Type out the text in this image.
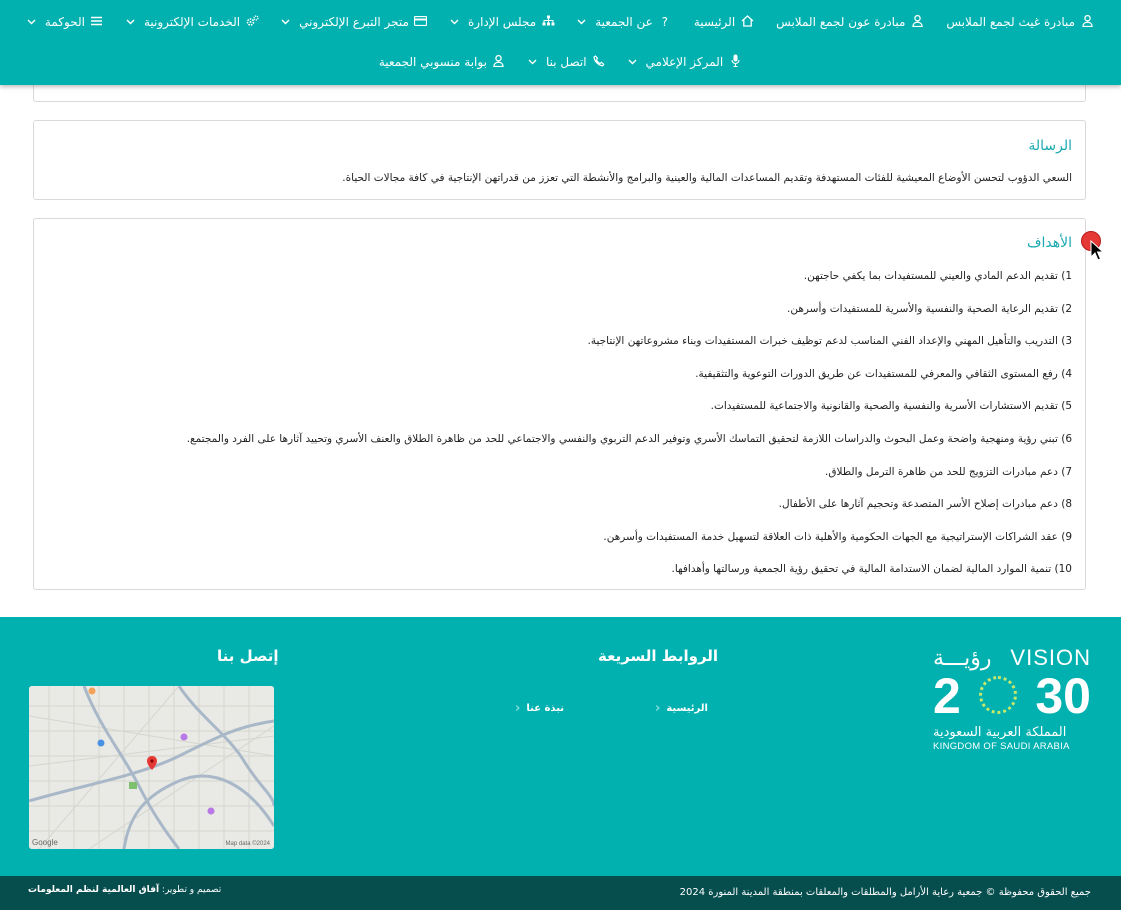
مبادرة غيث لجمع الملابس
مبادرة عون لجمع الملابس
الرئيسية
?
عن الجمعية
مجلس الإدارة
متجر التبرع الإلكتروني
الخدمات الإلكترونية
الحوكمة
المركز الإعلامي
اتصل بنا
بوابة منسوبي الجمعية
الرسالة

السعي الدؤوب لتحسن الأوضاع المعيشية للفئات المستهدفة وتقديم المساعدات المالية والعينية والبرامج والأنشطة التي تعزز من قدراتهن الإنتاجية في كافة مجالات الحياة.

الأهداف
1) تقديم الدعم المادي والعيني للمستفيدات بما يكفي حاجتهن.
2) تقديم الرعاية الصحية والنفسية والأسرية للمستفيدات وأسرهن.
3) التدريب والتأهيل المهني والإعداد الفني المناسب لدعم توظيف خبرات المستفيدات وبناء مشروعاتهن الإنتاجية.
4) رفع المستوى الثقافي والمعرفي للمستفيدات عن طريق الدورات التوعوية والتثقيفية.
5) تقديم الاستشارات الأسرية والنفسية والصحية والقانونية والاجتماعية للمستفيدات.
6) تبني رؤية ومنهجية واضحة وعمل البحوث والدراسات اللازمة لتحقيق التماسك الأسري وتوفير الدعم التربوي والنفسي والاجتماعي للحد من ظاهرة الطلاق والعنف الأسري وتحييد آثارها على الفرد والمجتمع.
7) دعم مبادرات التزويج للحد من ظاهرة الترمل والطلاق.
8) دعم مبادرات إصلاح الأسر المتصدعة وتحجيم آثارها على الأطفال.
9) عقد الشراكات الإستراتيجية مع الجهات الحكومية والأهلية ذات العلاقة لتسهيل خدمة المستفيدات وأسرهن.
10) تنمية الموارد المالية لضمان الاستدامة المالية في تحقيق رؤية الجمعية ورسالتها وأهدافها.
VISION
رؤيـــة
2 30
المملكة العربية السعودية
KINGDOM OF SAUDI ARABIA
الروابط السريعة
الرئيسية
‹
نبذة عنا
‹
إتصل بنا
Google	Map data ©2024
جميع الحقوق محفوظة © جمعية رعاية الأرامل والمطلقات والمعلقات بمنطقة المدينة المنورة 2024
تصميم و تطوير: آفاق العالمية لنظم المعلومات
